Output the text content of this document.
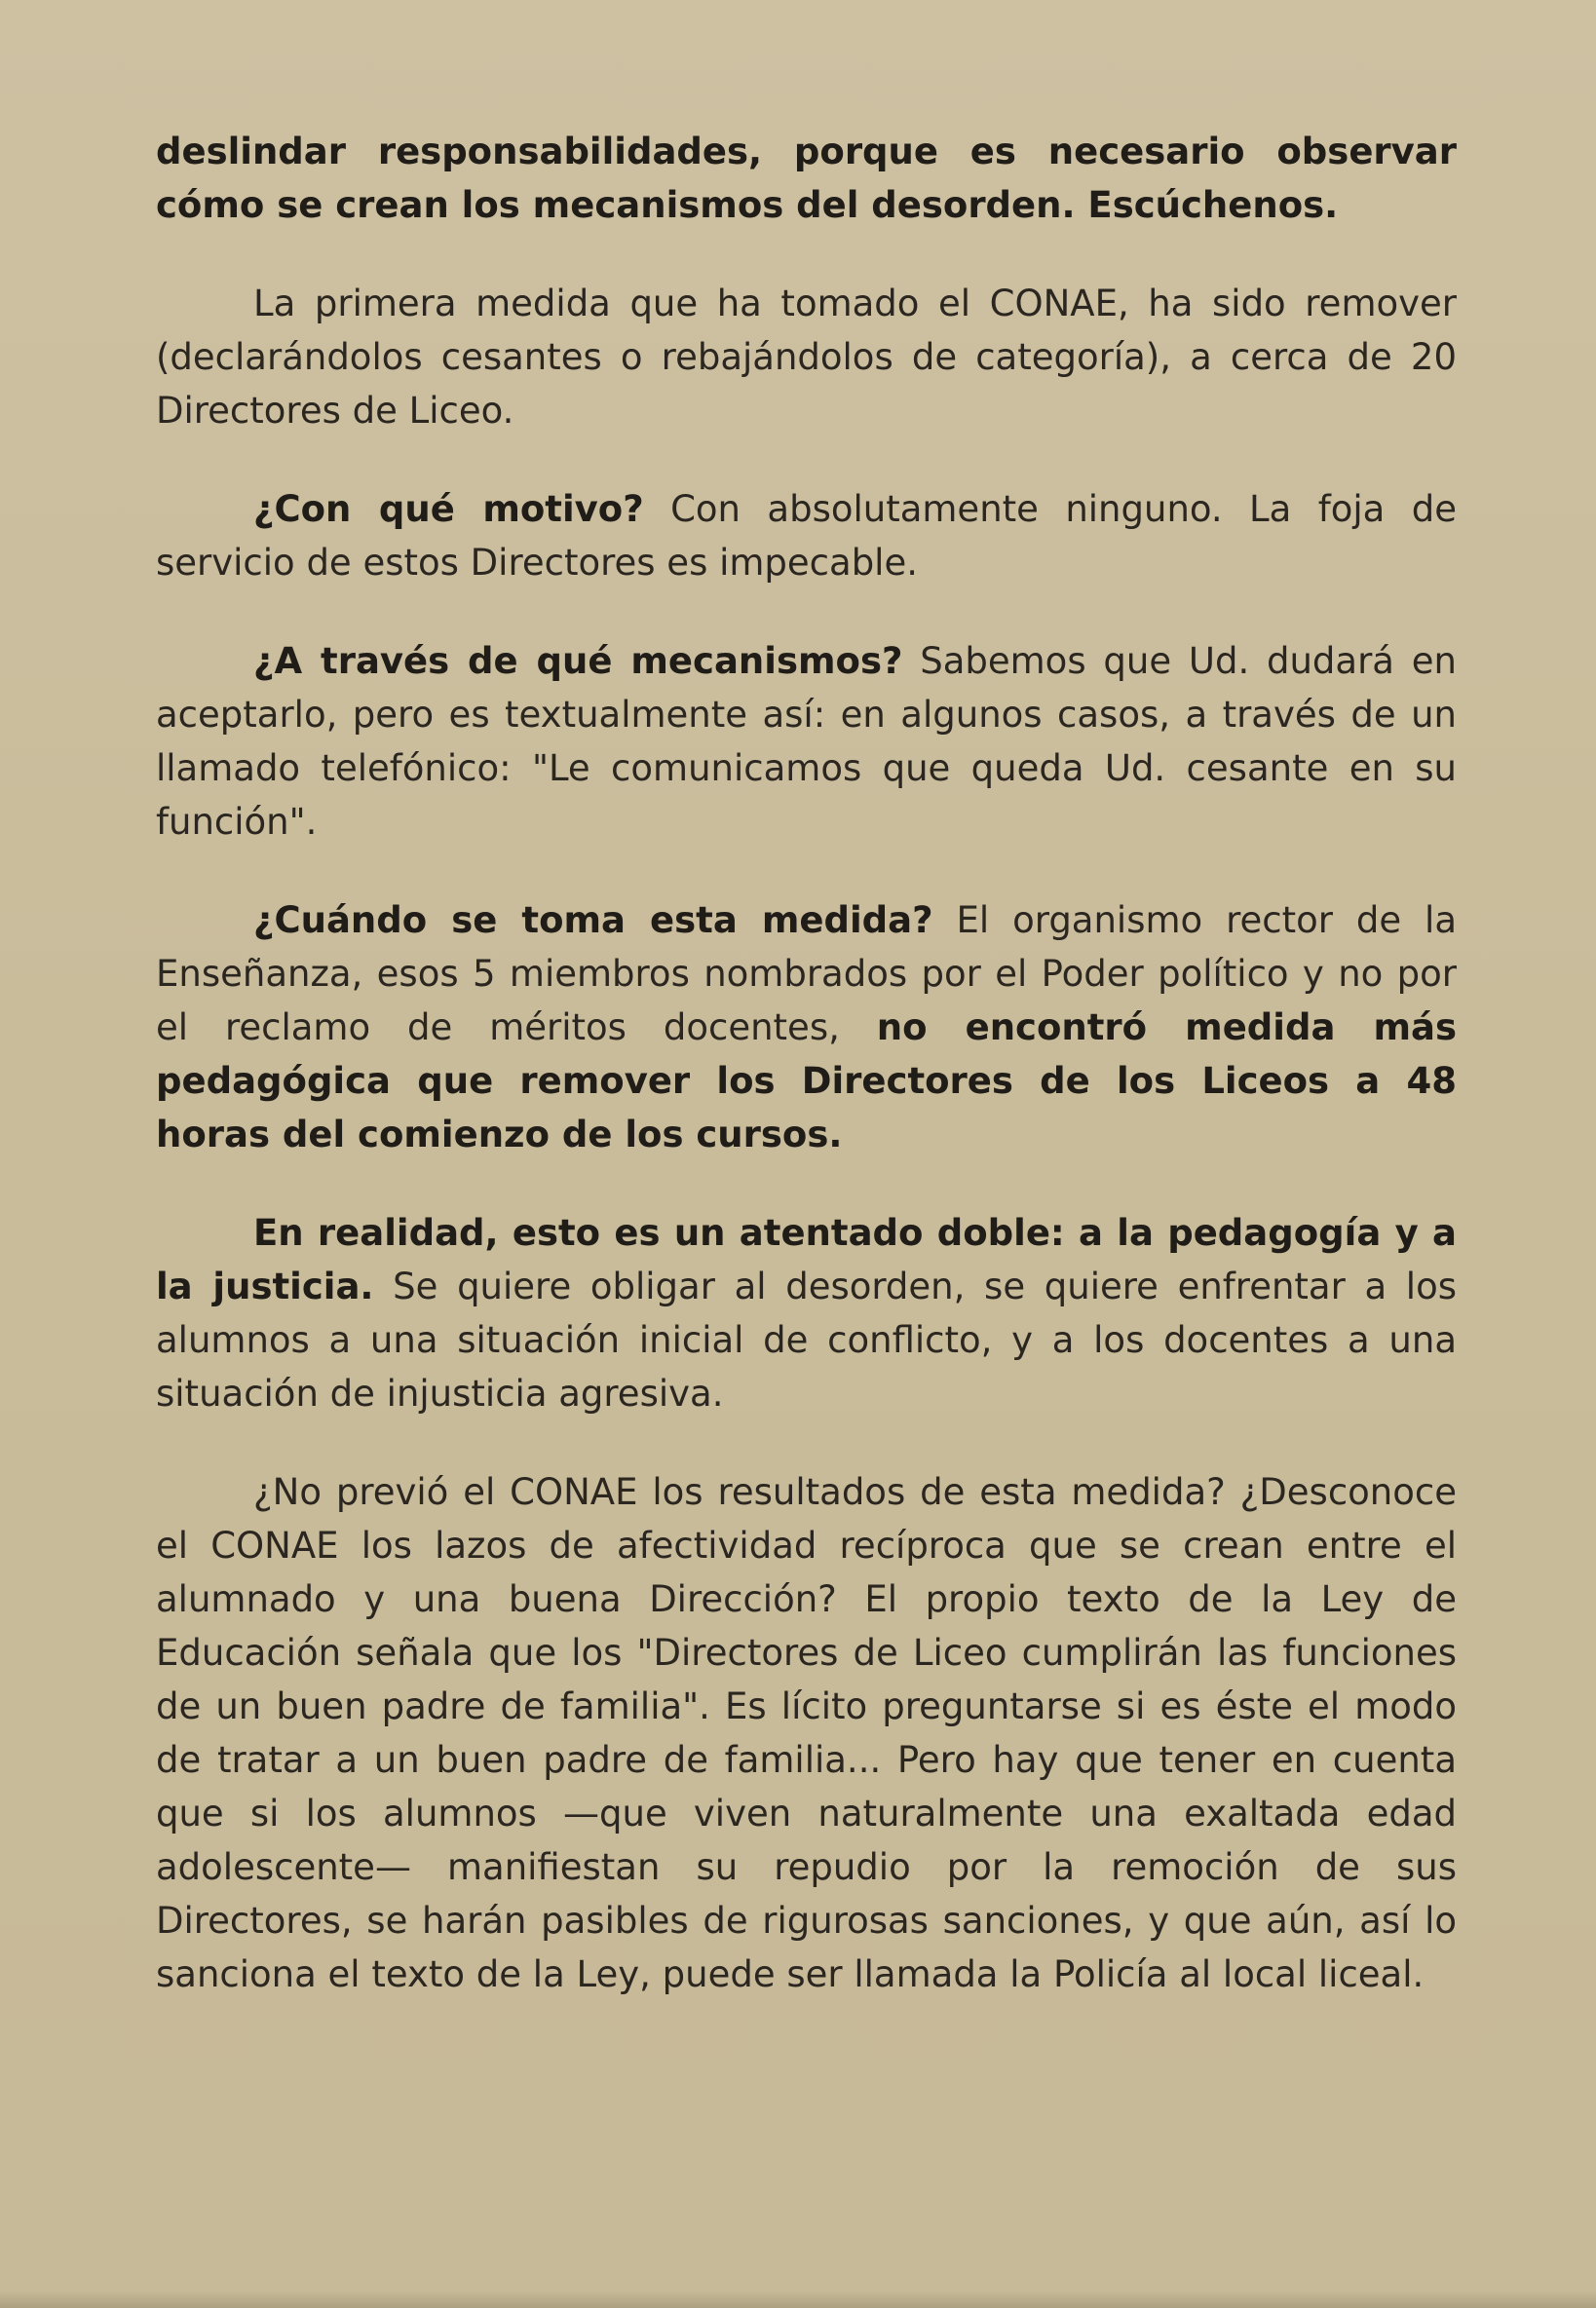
deslindar responsabilidades, porque es necesario observar cómo se crean los mecanismos del desorden. Escúchenos.

La primera medida que ha tomado el CONAE, ha sido remover (declarándolos cesantes o rebajándolos de categoría), a cerca de 20 Directores de Liceo.

¿Con qué motivo? Con absolutamente ninguno. La foja de servicio de estos Directores es impecable.

¿A través de qué mecanismos? Sabemos que Ud. dudará en aceptarlo, pero es textualmente así: en algunos casos, a través de un llamado telefónico: "Le comunicamos que queda Ud. cesante en su función".

¿Cuándo se toma esta medida? El organismo rector de la Enseñanza, esos 5 miembros nombrados por el Poder político y no por el reclamo de méritos docentes, no encontró medida más pedagógica que remover los Directores de los Liceos a 48 horas del comienzo de los cursos.

En realidad, esto es un atentado doble: a la pedagogía y a la justicia. Se quiere obligar al desorden, se quiere enfrentar a los alumnos a una situación inicial de conflicto, y a los docentes a una situación de injusticia agresiva.

¿No previó el CONAE los resultados de esta medida? ¿Desconoce el CONAE los lazos de afectividad recíproca que se crean entre el alumnado y una buena Dirección? El propio texto de la Ley de Educación señala que los "Directores de Liceo cumplirán las funciones de un buen padre de familia". Es lícito preguntarse si es éste el modo de tratar a un buen padre de familia... Pero hay que tener en cuenta que si los alumnos —que viven naturalmente una exaltada edad adolescente— manifiestan su repudio por la remoción de sus Directores, se harán pasibles de rigurosas sanciones, y que aún, así lo sanciona el texto de la Ley, puede ser llamada la Policía al local liceal.
